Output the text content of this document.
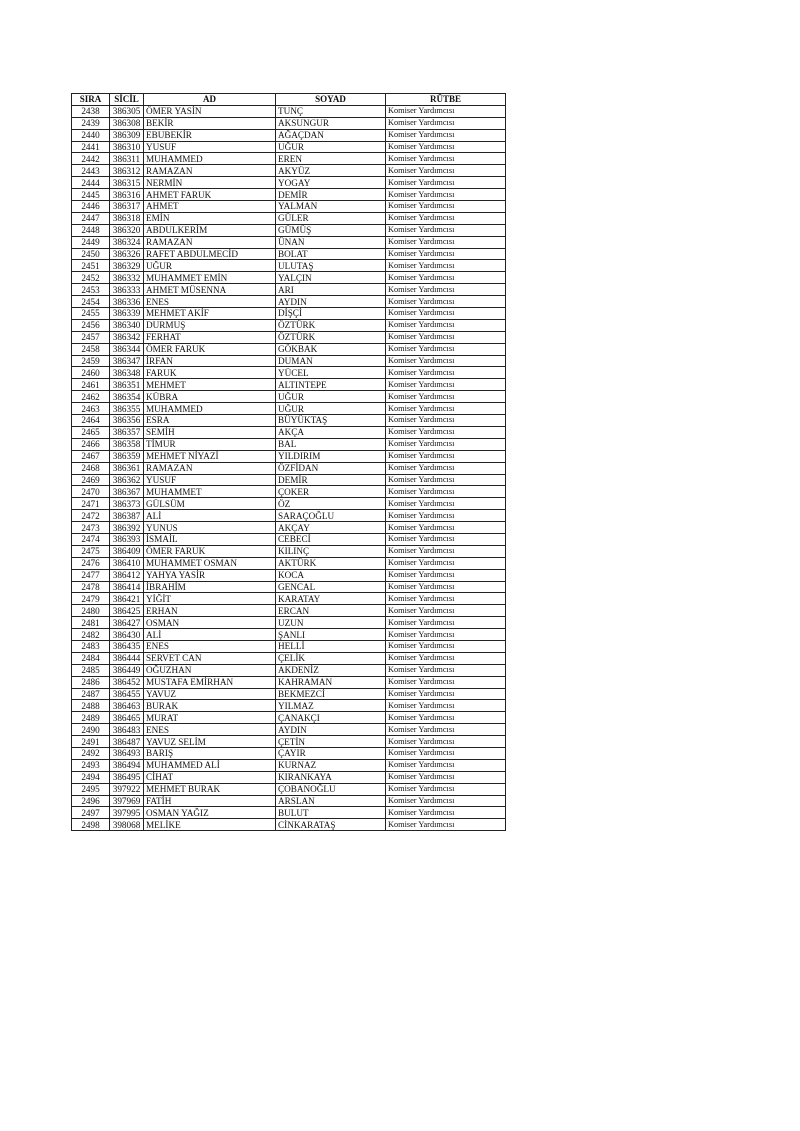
SIRA	SİCİL	AD	SOYAD	RÜTBE
2438	386305	ÖMER YASİN	TUNÇ	Komiser Yardımcısı
2439	386308	BEKİR	AKSUNGUR	Komiser Yardımcısı
2440	386309	EBUBEKİR	AĞAÇDAN	Komiser Yardımcısı
2441	386310	YUSUF	UĞUR	Komiser Yardımcısı
2442	386311	MUHAMMED	EREN	Komiser Yardımcısı
2443	386312	RAMAZAN	AKYÜZ	Komiser Yardımcısı
2444	386315	NERMİN	YOGAY	Komiser Yardımcısı
2445	386316	AHMET FARUK	DEMİR	Komiser Yardımcısı
2446	386317	AHMET	YALMAN	Komiser Yardımcısı
2447	386318	EMİN	GÜLER	Komiser Yardımcısı
2448	386320	ABDULKERİM	GÜMÜŞ	Komiser Yardımcısı
2449	386324	RAMAZAN	ÜNAN	Komiser Yardımcısı
2450	386326	RAFET ABDULMECİD	BOLAT	Komiser Yardımcısı
2451	386329	UĞUR	ULUTAŞ	Komiser Yardımcısı
2452	386332	MUHAMMET EMİN	YALÇIN	Komiser Yardımcısı
2453	386333	AHMET MÜSENNA	ARI	Komiser Yardımcısı
2454	386336	ENES	AYDIN	Komiser Yardımcısı
2455	386339	MEHMET AKİF	DİŞÇİ	Komiser Yardımcısı
2456	386340	DURMUŞ	ÖZTÜRK	Komiser Yardımcısı
2457	386342	FERHAT	ÖZTÜRK	Komiser Yardımcısı
2458	386344	ÖMER FARUK	GÖKBAK	Komiser Yardımcısı
2459	386347	İRFAN	DUMAN	Komiser Yardımcısı
2460	386348	FARUK	YÜCEL	Komiser Yardımcısı
2461	386351	MEHMET	ALTINTEPE	Komiser Yardımcısı
2462	386354	KÜBRA	UĞUR	Komiser Yardımcısı
2463	386355	MUHAMMED	UĞUR	Komiser Yardımcısı
2464	386356	ESRA	BÜYÜKTAŞ	Komiser Yardımcısı
2465	386357	SEMİH	AKÇA	Komiser Yardımcısı
2466	386358	TİMUR	BAL	Komiser Yardımcısı
2467	386359	MEHMET NİYAZİ	YILDIRIM	Komiser Yardımcısı
2468	386361	RAMAZAN	ÖZFİDAN	Komiser Yardımcısı
2469	386362	YUSUF	DEMİR	Komiser Yardımcısı
2470	386367	MUHAMMET	ÇOKER	Komiser Yardımcısı
2471	386373	GÜLSÜM	ÖZ	Komiser Yardımcısı
2472	386387	ALİ	SARAÇOĞLU	Komiser Yardımcısı
2473	386392	YUNUS	AKÇAY	Komiser Yardımcısı
2474	386393	İSMAİL	CEBECİ	Komiser Yardımcısı
2475	386409	ÖMER FARUK	KILINÇ	Komiser Yardımcısı
2476	386410	MUHAMMET OSMAN	AKTÜRK	Komiser Yardımcısı
2477	386412	YAHYA YASİR	KOCA	Komiser Yardımcısı
2478	386414	İBRAHİM	GENCAL	Komiser Yardımcısı
2479	386421	YİĞİT	KARATAY	Komiser Yardımcısı
2480	386425	ERHAN	ERCAN	Komiser Yardımcısı
2481	386427	OSMAN	UZUN	Komiser Yardımcısı
2482	386430	ALİ	ŞANLI	Komiser Yardımcısı
2483	386435	ENES	HELLİ	Komiser Yardımcısı
2484	386444	SERVET CAN	ÇELİK	Komiser Yardımcısı
2485	386449	OĞUZHAN	AKDENİZ	Komiser Yardımcısı
2486	386452	MUSTAFA EMİRHAN	KAHRAMAN	Komiser Yardımcısı
2487	386455	YAVUZ	BEKMEZCİ	Komiser Yardımcısı
2488	386463	BURAK	YILMAZ	Komiser Yardımcısı
2489	386465	MURAT	ÇANAKÇI	Komiser Yardımcısı
2490	386483	ENES	AYDIN	Komiser Yardımcısı
2491	386487	YAVUZ SELİM	ÇETİN	Komiser Yardımcısı
2492	386493	BARIŞ	ÇAYIR	Komiser Yardımcısı
2493	386494	MUHAMMED ALİ	KURNAZ	Komiser Yardımcısı
2494	386495	CİHAT	KIRANKAYA	Komiser Yardımcısı
2495	397922	MEHMET BURAK	ÇOBANOĞLU	Komiser Yardımcısı
2496	397969	FATİH	ARSLAN	Komiser Yardımcısı
2497	397995	OSMAN YAĞIZ	BULUT	Komiser Yardımcısı
2498	398068	MELİKE	CİNKARATAŞ	Komiser Yardımcısı
